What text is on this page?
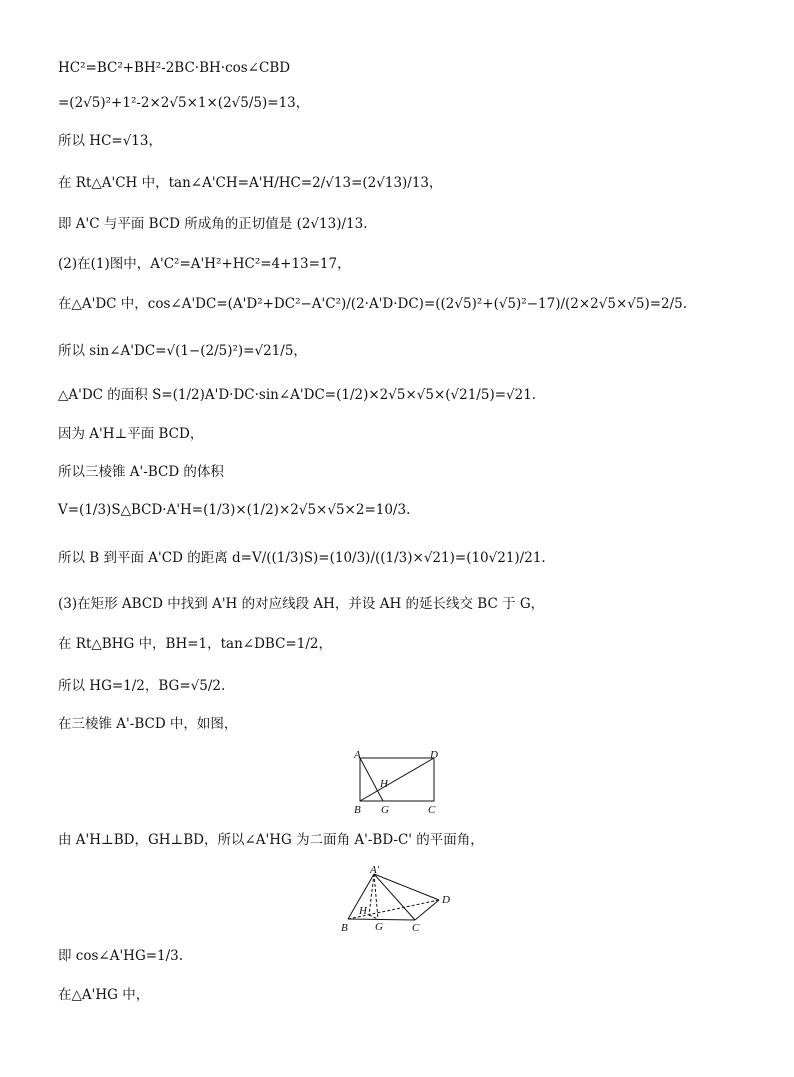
HC²=BC²+BH²-2BC·BH·cos∠CBD
=(2√5)²+1²-2×2√5×1×(2√5/5)=13，
所以 HC=√13，
在 Rt△A'CH 中，tan∠A'CH=A'H/HC=2/√13=(2√13)/13，
即 A'C 与平面 BCD 所成角的正切值是 (2√13)/13.
(2)在(1)图中，A'C²=A'H²+HC²=4+13=17，
在△A'DC 中，cos∠A'DC=(A'D²+DC²−A'C²)/(2·A'D·DC)=((2√5)²+(√5)²−17)/(2×2√5×√5)=2/5.
所以 sin∠A'DC=√(1−(2/5)²)=√21/5，
△A'DC 的面积 S=(1/2)A'D·DC·sin∠A'DC=(1/2)×2√5×√5×(√21/5)=√21.
因为 A'H⊥平面 BCD，
所以三棱锥 A'-BCD 的体积
V=(1/3)S△BCD·A'H=(1/3)×(1/2)×2√5×√5×2=10/3.
所以 B 到平面 A'CD 的距离 d=V/((1/3)S)=(10/3)/((1/3)×√21)=(10√21)/21.
(3)在矩形 ABCD 中找到 A'H 的对应线段 AH，并设 AH 的延长线交 BC 于 G，
在 Rt△BHG 中，BH=1，tan∠DBC=1/2，
所以 HG=1/2，BG=√5/2.
在三棱锥 A'-BCD 中，如图，
A	D
B G	C
H
由 A'H⊥BD，GH⊥BD，所以∠A'HG 为二面角 A'-BD-C' 的平面角，
A'
D
B G	C
H
即 cos∠A'HG=1/3.
在△A'HG 中，
